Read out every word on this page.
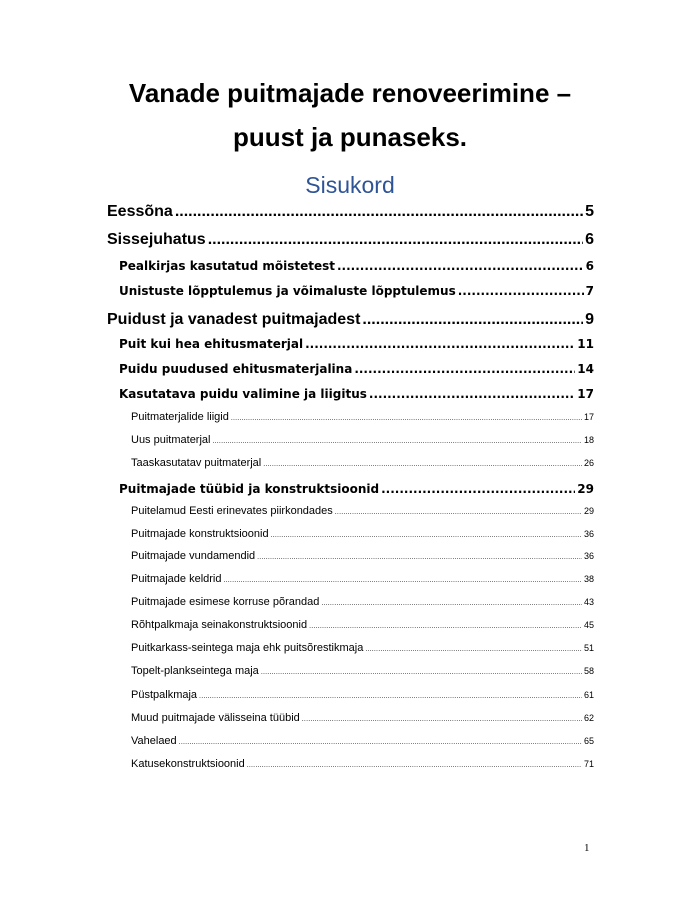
Vanade puitmajade renoveerimine –
puust ja punaseks.
Sisukord
Eessõna .....	5
Sissejuhatus .....	6
Pealkirjas kasutatud mõistetest .....	6
Unistuste lõpptulemus ja võimaluste lõpptulemus .....	7
Puidust ja vanadest puitmajadest .....	9
Puit kui hea ehitusmaterjal .....	11
Puidu puudused ehitusmaterjalina .....	14
Kasutatava puidu valimine ja liigitus .....	17
Puitmaterjalide liigid .....	17
Uus puitmaterjal .....	18
Taaskasutatav puitmaterjal .....	26
Puitmajade tüübid ja konstruktsioonid .....	29
Puitelamud Eesti erinevates piirkondades .....	29
Puitmajade konstruktsioonid .....	36
Puitmajade vundamendid .....	36
Puitmajade keldrid .....	38
Puitmajade esimese korruse põrandad .....	43
Rõhtpalkmaja seinakonstruktsioonid .....	45
Puitkarkass-seintega maja ehk puitsõrestikmaja .....	51
Topelt-plankseintega maja .....	58
Püstpalkmaja .....	61
Muud puitmajade välisseina tüübid .....	62
Vahelaed .....	65
Katusekonstruktsioonid .....	71
1
